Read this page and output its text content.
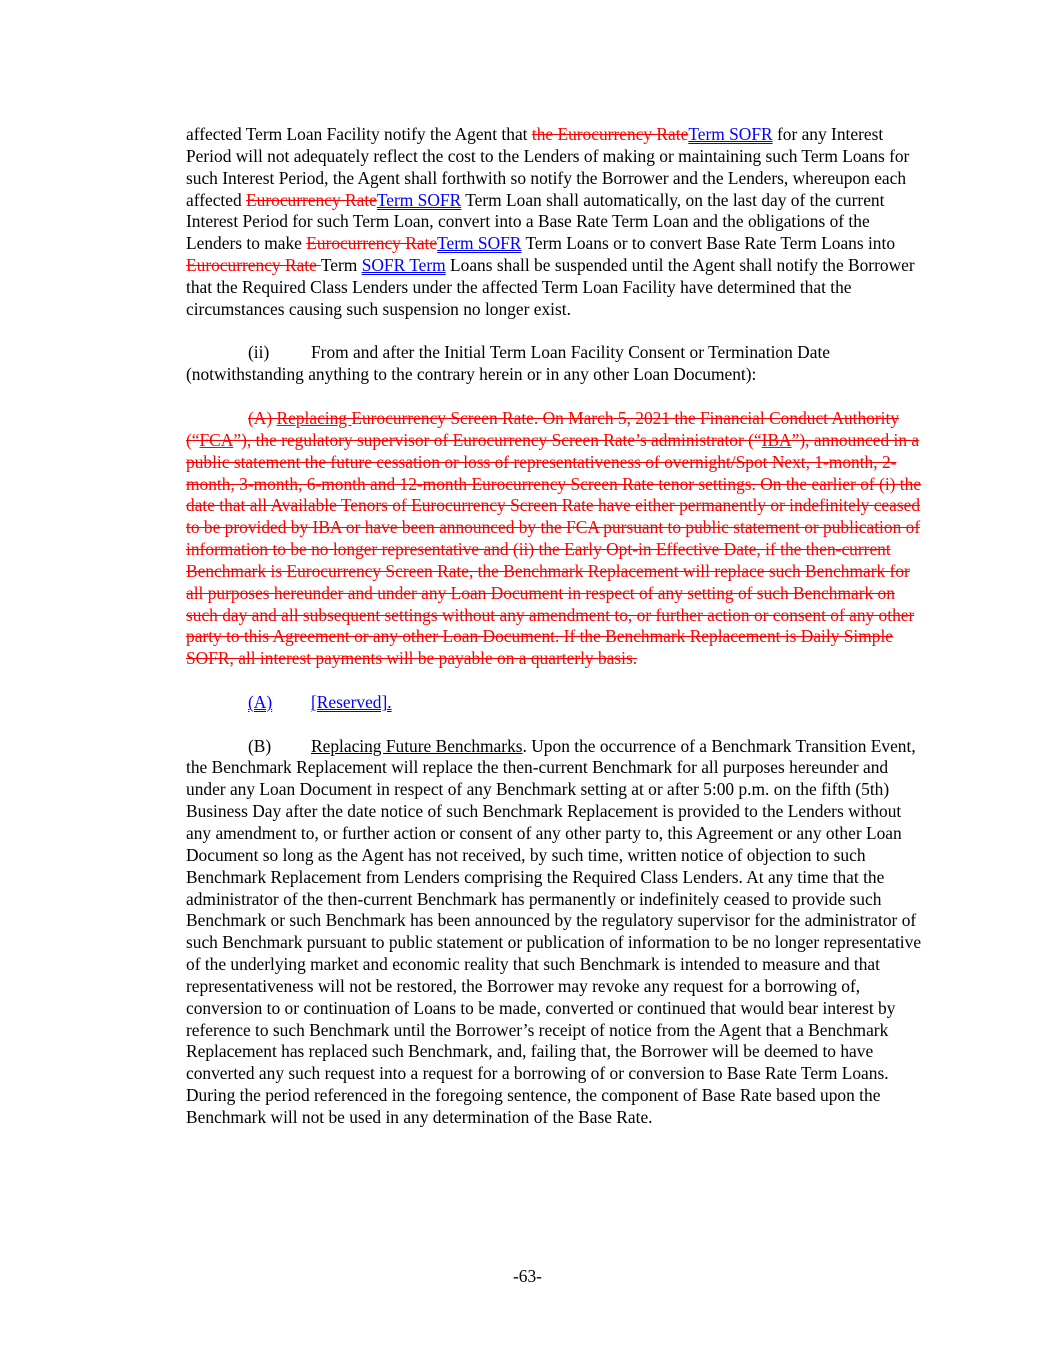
affected Term Loan Facility notify the Agent that the Eurocurrency RateTerm SOFR for any Interest Period will not adequately reflect the cost to the Lenders of making or maintaining such Term Loans for such Interest Period, the Agent shall forthwith so notify the Borrower and the Lenders, whereupon each affected Eurocurrency RateTerm SOFR Term Loan shall automatically, on the last day of the current Interest Period for such Term Loan, convert into a Base Rate Term Loan and the obligations of the Lenders to make Eurocurrency RateTerm SOFR Term Loans or to convert Base Rate Term Loans into Eurocurrency Rate Term SOFR Term Loans shall be suspended until the Agent shall notify the Borrower that the Required Class Lenders under the affected Term Loan Facility have determined that the circumstances causing such suspension no longer exist.

(ii) From and after the Initial Term Loan Facility Consent or Termination Date (notwithstanding anything to the contrary herein or in any other Loan Document):

(A) Replacing Eurocurrency Screen Rate. On March 5, 2021 the Financial Conduct Authority (“FCA”), the regulatory supervisor of Eurocurrency Screen Rate’s administrator (“IBA”), announced in a public statement the future cessation or loss of representativeness of overnight/Spot Next, 1-month, 2-month, 3-month, 6-month and 12-month Eurocurrency Screen Rate tenor settings. On the earlier of (i) the date that all Available Tenors of Eurocurrency Screen Rate have either permanently or indefinitely ceased to be provided by IBA or have been announced by the FCA pursuant to public statement or publication of information to be no longer representative and (ii) the Early Opt-in Effective Date, if the then-current Benchmark is Eurocurrency Screen Rate, the Benchmark Replacement will replace such Benchmark for all purposes hereunder and under any Loan Document in respect of any setting of such Benchmark on such day and all subsequent settings without any amendment to, or further action or consent of any other party to this Agreement or any other Loan Document. If the Benchmark Replacement is Daily Simple SOFR, all interest payments will be payable on a quarterly basis.

(A) [Reserved].

(B) Replacing Future Benchmarks. Upon the occurrence of a Benchmark Transition Event, the Benchmark Replacement will replace the then-current Benchmark for all purposes hereunder and under any Loan Document in respect of any Benchmark setting at or after 5:00 p.m. on the fifth (5th) Business Day after the date notice of such Benchmark Replacement is provided to the Lenders without any amendment to, or further action or consent of any other party to, this Agreement or any other Loan Document so long as the Agent has not received, by such time, written notice of objection to such Benchmark Replacement from Lenders comprising the Required Class Lenders. At any time that the administrator of the then-current Benchmark has permanently or indefinitely ceased to provide such Benchmark or such Benchmark has been announced by the regulatory supervisor for the administrator of such Benchmark pursuant to public statement or publication of information to be no longer representative of the underlying market and economic reality that such Benchmark is intended to measure and that representativeness will not be restored, the Borrower may revoke any request for a borrowing of, conversion to or continuation of Loans to be made, converted or continued that would bear interest by reference to such Benchmark until the Borrower’s receipt of notice from the Agent that a Benchmark Replacement has replaced such Benchmark, and, failing that, the Borrower will be deemed to have converted any such request into a request for a borrowing of or conversion to Base Rate Term Loans. During the period referenced in the foregoing sentence, the component of Base Rate based upon the Benchmark will not be used in any determination of the Base Rate.

-63-
